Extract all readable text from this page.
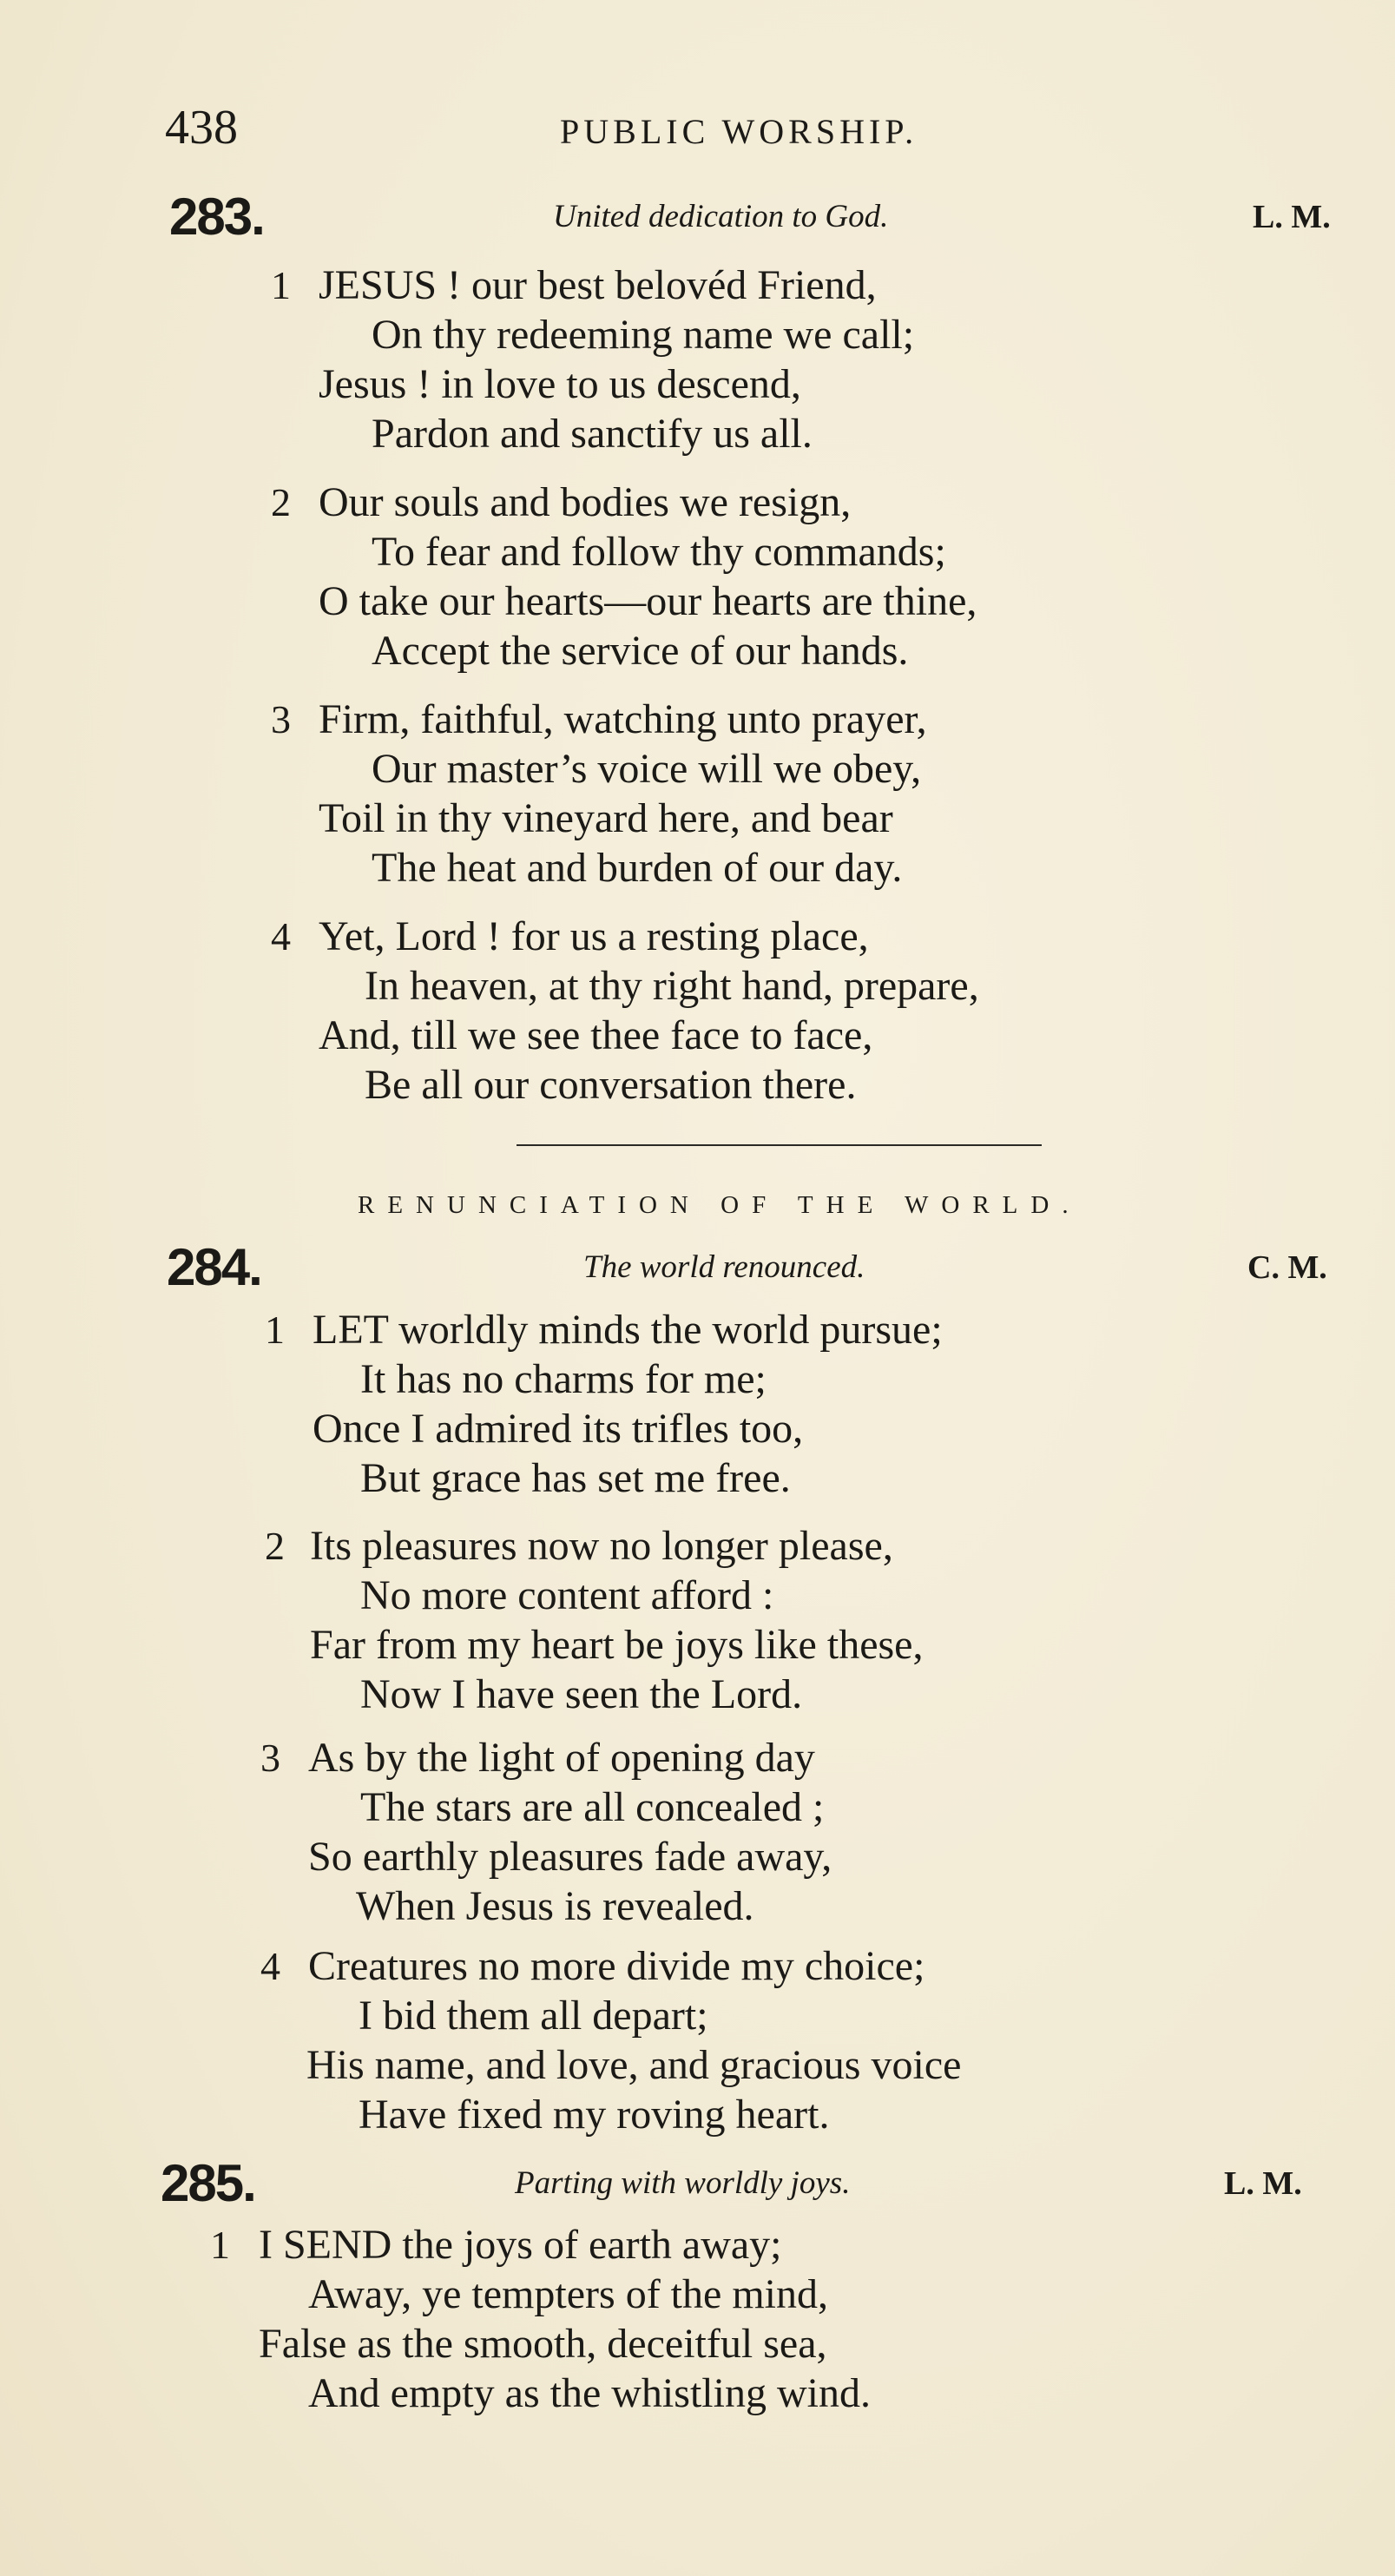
438	PUBLIC WORSHIP.
283.	United dedication to God.	L. M.
1 JESUS ! our best belovéd Friend,
On thy redeeming name we call;
Jesus ! in love to us descend,
Pardon and sanctify us all.
2 Our souls and bodies we resign,
To fear and follow thy commands;
O take our hearts—our hearts are thine,
Accept the service of our hands.
3 Firm, faithful, watching unto prayer,
Our master’s voice will we obey,
Toil in thy vineyard here, and bear
The heat and burden of our day.
4 Yet, Lord ! for us a resting place,
In heaven, at thy right hand, prepare,
And, till we see thee face to face,
Be all our conversation there.
RENUNCIATION OF THE WORLD.
284.	The world renounced.	C. M.
1 LET worldly minds the world pursue;
It has no charms for me;
Once I admired its trifles too,
But grace has set me free.
2 Its pleasures now no longer please,
No more content afford :
Far from my heart be joys like these,
Now I have seen the Lord.
3 As by the light of opening day
The stars are all concealed ;
So earthly pleasures fade away,
When Jesus is revealed.
4 Creatures no more divide my choice;
I bid them all depart;
His name, and love, and gracious voice
Have fixed my roving heart.
285.	Parting with worldly joys.	L. M.
1 I SEND the joys of earth away;
Away, ye tempters of the mind,
False as the smooth, deceitful sea,
And empty as the whistling wind.
